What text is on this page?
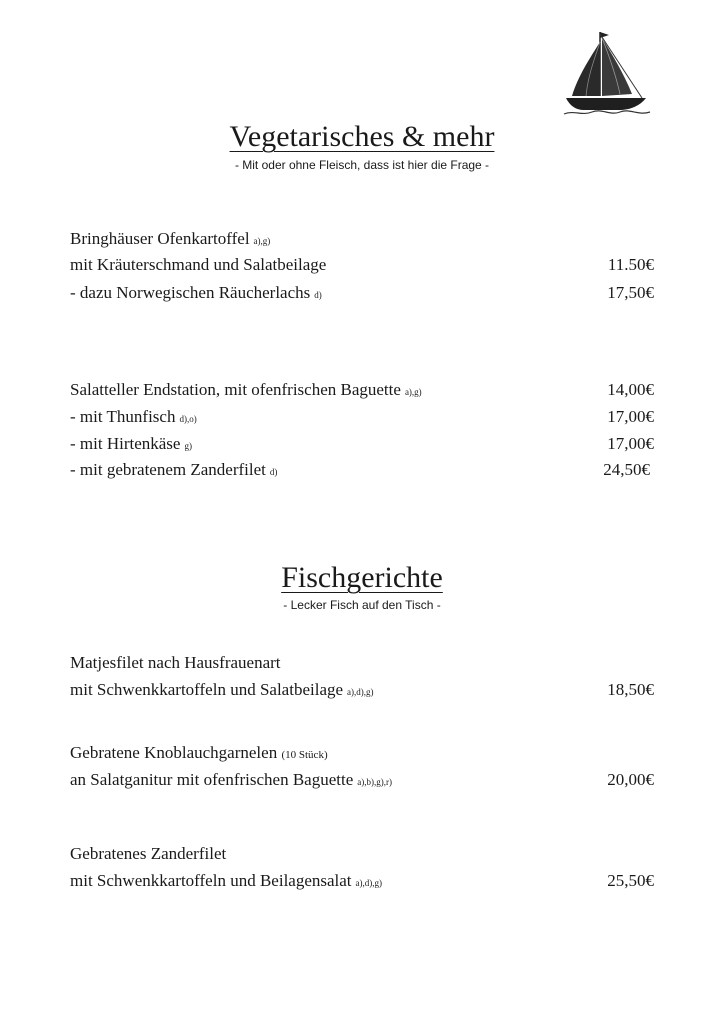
Vegetarisches & mehr
- Mit oder ohne Fleisch, dass ist hier die Frage -
Bringhäuser Ofenkartoffel a),g)
mit Kräuterschmand und Salatbeilage	11.50€
- dazu Norwegischen Räucherlachs d)	17,50€
Salatteller Endstation, mit ofenfrischen Baguette a),g)	14,00€
- mit Thunfisch d),o)	17,00€
- mit Hirtenkäse g)	17,00€
- mit gebratenem Zanderfilet d)	24,50€
Fischgerichte
- Lecker Fisch auf den Tisch -
Matjesfilet nach Hausfrauenart
mit Schwenkkartoffeln und Salatbeilage a),d),g)	18,50€
Gebratene Knoblauchgarnelen (10 Stück)
an Salatganitur mit ofenfrischen Baguette a),b),g),r)	20,00€
Gebratenes Zanderfilet
mit Schwenkkartoffeln und Beilagensalat a),d),g)	25,50€
